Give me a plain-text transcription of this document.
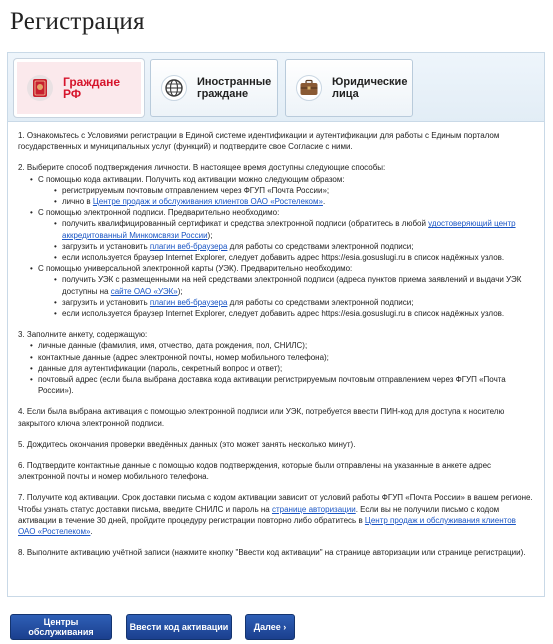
Регистрация
Граждане РФ
Иностранные
граждане
Юридические
лица
1. Ознакомьтесь с Условиями регистрации в Единой системе идентификации и аутентификации для работы с Единым порталом государственных и муниципальных услуг (функций) и подтвердите свое Согласие с ними.
2. Выберите способ подтверждения личности. В настоящее время доступны следующие способы:
• С помощью кода активации. Получить код активации можно следующим образом:
• регистрируемым почтовым отправлением через ФГУП «Почта России»;
• лично в Центре продаж и обслуживания клиентов ОАО «Ростелеком».
• С помощью электронной подписи. Предварительно необходимо:
• получить квалифицированный сертификат и средства электронной подписи (обратитесь в любой удостоверяющий центр аккредитованный Минкомсвязи России);
• загрузить и установить плагин веб-браузера для работы со средствами электронной подписи;
• если используется браузер Internet Explorer, следует добавить адрес https://esia.gosuslugi.ru в список надёжных узлов.
• С помощью универсальной электронной карты (УЭК). Предварительно необходимо:
• получить УЭК с размещенными на ней средствами электронной подписи (адреса пунктов приема заявлений и выдачи УЭК доступны на сайте ОАО «УЭК»);
• загрузить и установить плагин веб-браузера для работы со средствами электронной подписи;
• если используется браузер Internet Explorer, следует добавить адрес https://esia.gosuslugi.ru в список надёжных узлов.
3. Заполните анкету, содержащую:
• личные данные (фамилия, имя, отчество, дата рождения, пол, СНИЛС);
• контактные данные (адрес электронной почты, номер мобильного телефона);
• данные для аутентификации (пароль, секретный вопрос и ответ);
• почтовый адрес (если была выбрана доставка кода активации регистрируемым почтовым отправлением через ФГУП «Почта России»).
4. Если была выбрана активация с помощью электронной подписи или УЭК, потребуется ввести ПИН-код для доступа к носителю закрытого ключа электронной подписи.
5. Дождитесь окончания проверки введённых данных (это может занять несколько минут).
6. Подтвердите контактные данные с помощью кодов подтверждения, которые были отправлены на указанные в анкете адрес электронной почты и номер мобильного телефона.
7. Получите код активации. Срок доставки письма с кодом активации зависит от условий работы ФГУП «Почта России» в вашем регионе. Чтобы узнать статус доставки письма, введите СНИЛС и пароль на странице авторизации. Если вы не получили письмо с кодом активации в течение 30 дней, пройдите процедуру регистрации повторно либо обратитесь в Центр продаж и обслуживания клиентов ОАО «Ростелеком».
8. Выполните активацию учётной записи (нажмите кнопку "Ввести код активации" на странице авторизации или странице регистрации).
Центры обслуживания	Ввести код активации	Далее ›
